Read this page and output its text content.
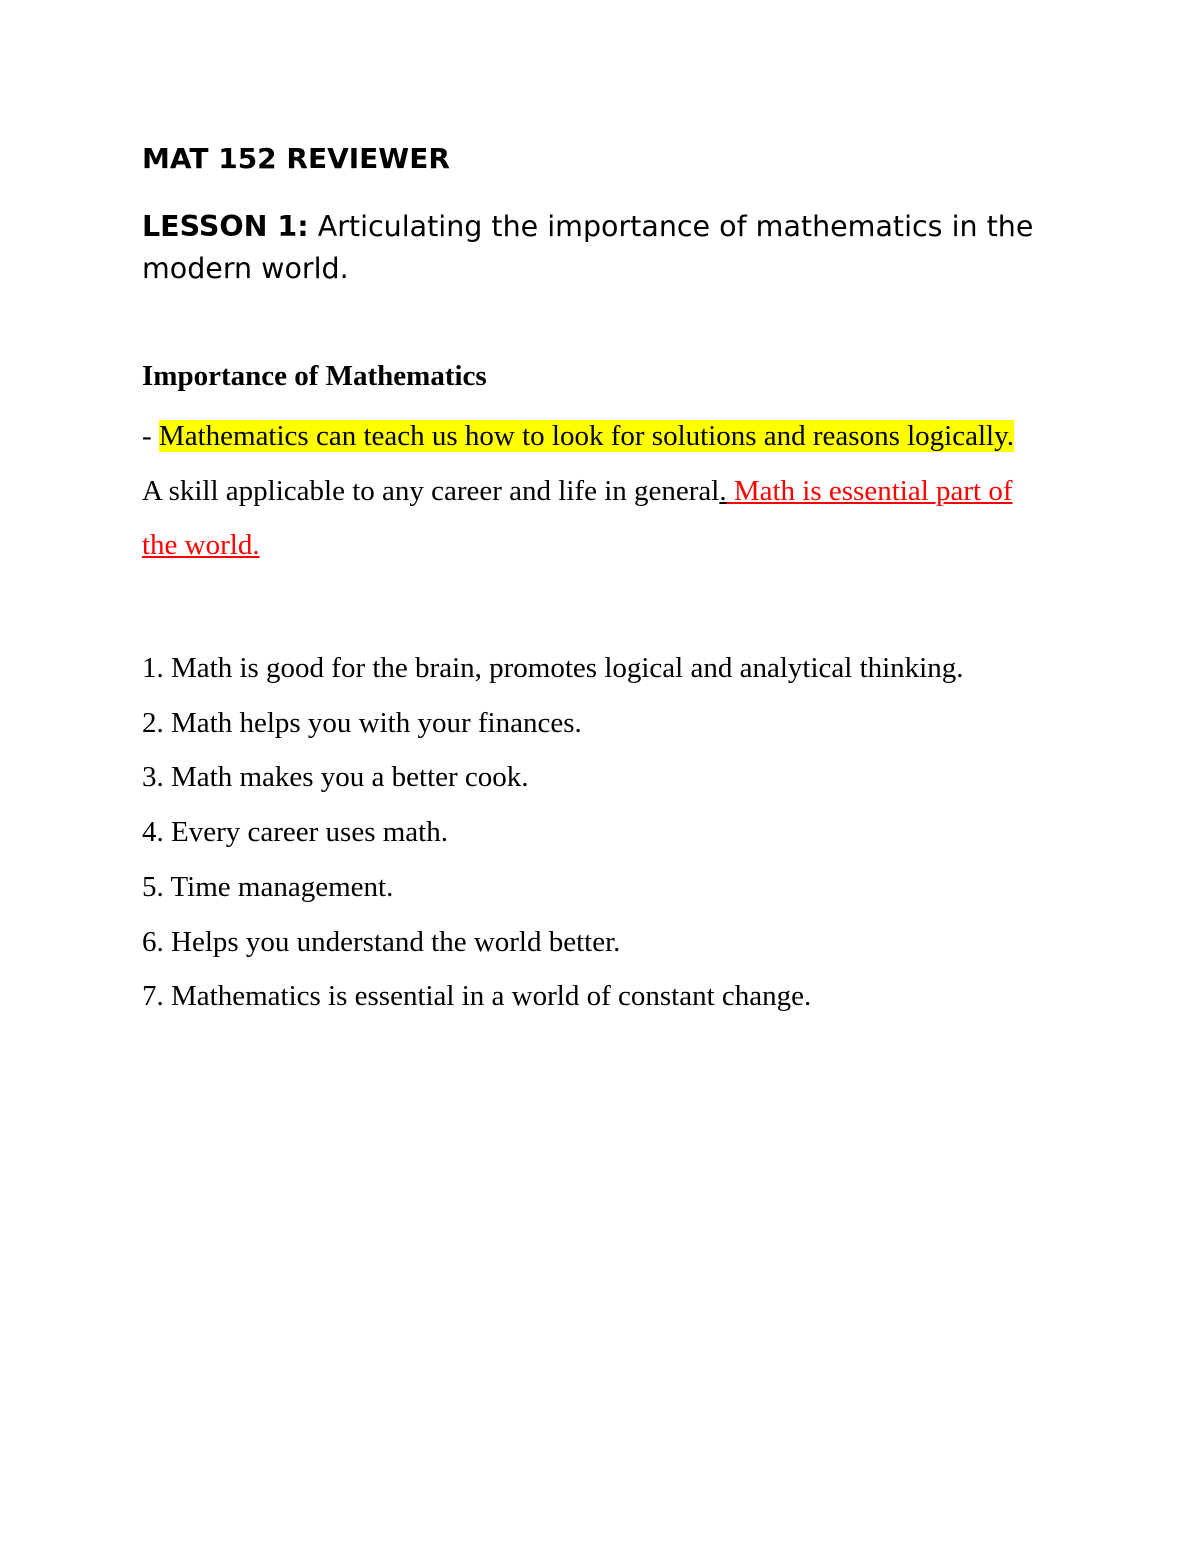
MAT 152 REVIEWER

LESSON 1: Articulating the importance of mathematics in the modern world.

Importance of Mathematics

- Mathematics can teach us how to look for solutions and reasons logically. A skill applicable to any career and life in general. Math is essential part of the world.

1. Math is good for the brain, promotes logical and analytical thinking.
2. Math helps you with your finances.
3. Math makes you a better cook.
4. Every career uses math.
5. Time management.
6. Helps you understand the world better.
7. Mathematics is essential in a world of constant change.
